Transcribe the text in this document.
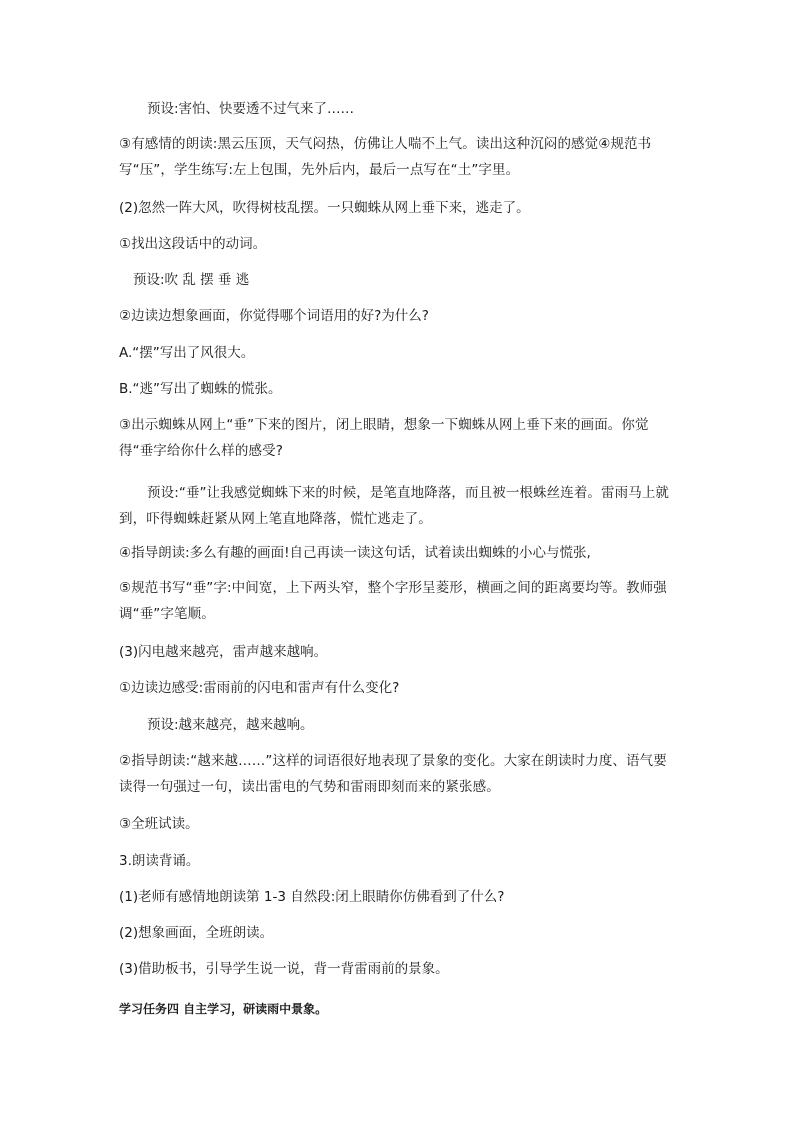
预设:害怕、快要透不过气来了……
③有感情的朗读:黑云压顶，天气闷热，仿佛让人喘不上气。读出这种沉闷的感觉④规范书写“压”，学生练写:左上包围，先外后内，最后一点写在“土”字里。
(2)忽然一阵大风，吹得树枝乱摆。一只蜘蛛从网上垂下来，逃走了。
①找出这段话中的动词。
预设:吹 乱 摆 垂 逃
②边读边想象画面，你觉得哪个词语用的好?为什么?
A.“摆”写出了风很大。
B.“逃”写出了蜘蛛的慌张。
③出示蜘蛛从网上“垂”下来的图片，闭上眼睛，想象一下蜘蛛从网上垂下来的画面。你觉得“垂字给你什么样的感受?
预设:“垂”让我感觉蜘蛛下来的时候，是笔直地降落，而且被一根蛛丝连着。雷雨马上就到，吓得蜘蛛赶紧从网上笔直地降落，慌忙逃走了。
④指导朗读:多么有趣的画面!自己再读一读这句话，试着读出蜘蛛的小心与慌张,
⑤规范书写“垂”字:中间宽，上下两头窄，整个字形呈菱形，横画之间的距离要均等。教师强调“垂”字笔顺。
(3)闪电越来越亮，雷声越来越响。
①边读边感受:雷雨前的闪电和雷声有什么变化?
预设:越来越亮，越来越响。
②指导朗读:“越来越……”这样的词语很好地表现了景象的变化。大家在朗读时力度、语气要读得一句强过一句，读出雷电的气势和雷雨即刻而来的紧张感。
③全班试读。
3.朗读背诵。
(1)老师有感情地朗读第 1-3 自然段:闭上眼睛你仿佛看到了什么?
(2)想象画面，全班朗读。
(3)借助板书，引导学生说一说，背一背雷雨前的景象。
学习任务四 自主学习，研读雨中景象。
